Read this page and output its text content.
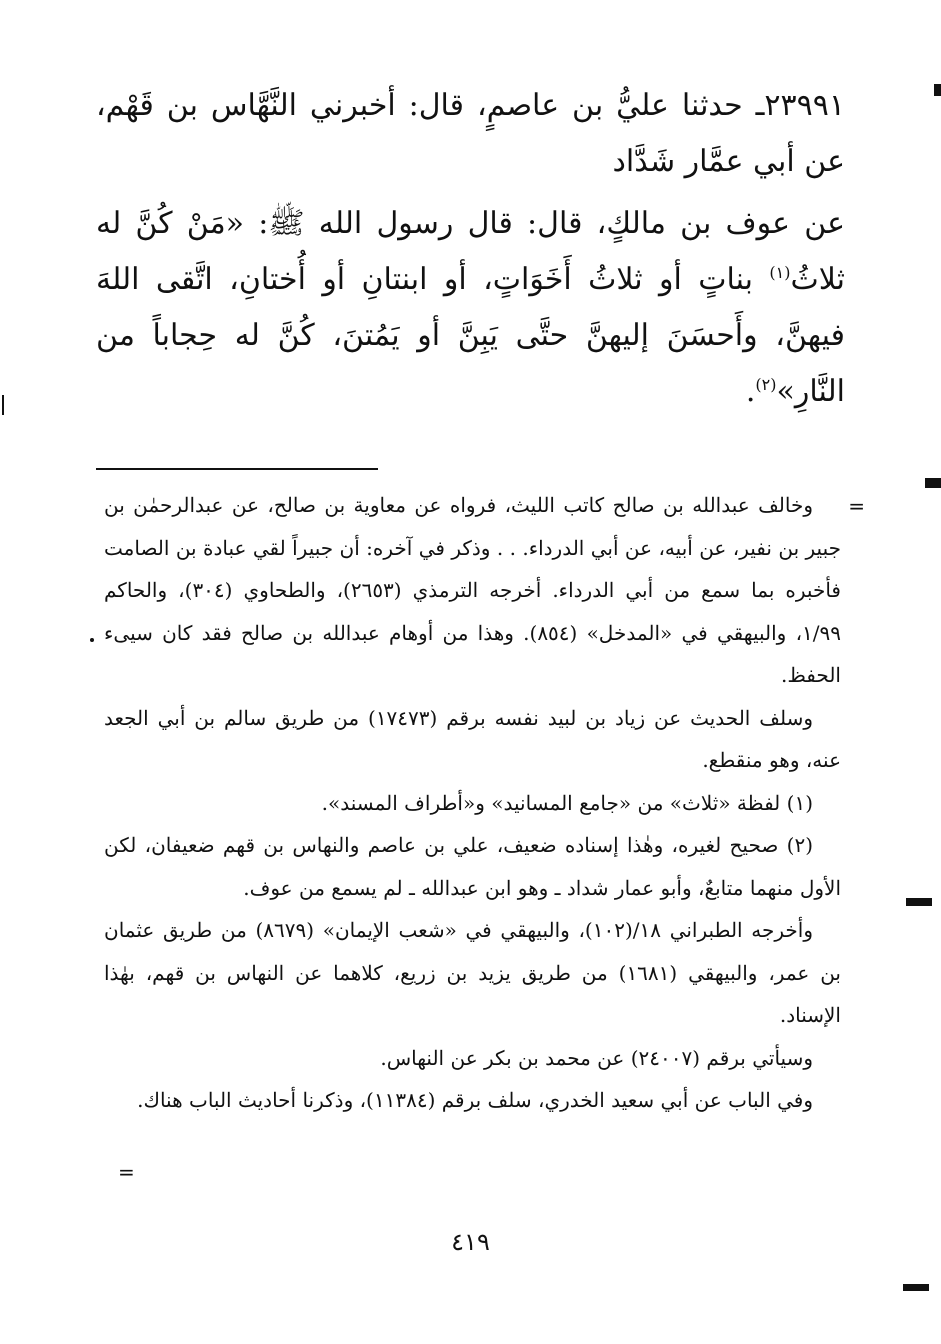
٢٣٩٩١ـ حدثنا عليُّ بن عاصمٍ، قال: أخبرني النَّهَّاس بن قَهْم، عن أبي عمَّار شَدَّاد

عن عوف بن مالكٍ، قال: قال رسول الله ﷺ: «مَنْ كُنَّ له ثلاثُ$^{(١)}$ بناتٍ أو ثلاثُ أَخَوَاتٍ، أو ابنتانِ أو أُختانِ، اتَّقى اللهَ فيهنَّ، وأَحسَنَ إليهنَّ حتَّى يَبِنَّ أو يَمُتنَ، كُنَّ له حِجاباً من النَّارِ»$^{(٢)}$.

=

وخالف عبدالله بن صالح كاتب الليث، فرواه عن معاوية بن صالح، عن عبدالرحمٰن بن جبير بن نفير، عن أبيه، عن أبي الدرداء. . . وذكر في آخره: أن جبيراً لقي عبادة بن الصامت فأخبره بما سمع من أبي الدرداء. أخرجه الترمذي (٢٦٥٣)، والطحاوي (٣٠٤)، والحاكم ١/٩٩، والبيهقي في «المدخل» (٨٥٤). وهذا من أوهام عبدالله بن صالح فقد كان سيىء الحفظ.

وسلف الحديث عن زياد بن لبيد نفسه برقم (١٧٤٧٣) من طريق سالم بن أبي الجعد عنه، وهو منقطع.

(١) لفظة «ثلاث» من «جامع المسانيد» و«أطراف المسند».

(٢) صحيح لغيره، وهٰذا إسناده ضعيف، علي بن عاصم والنهاس بن قهم ضعيفان، لكن الأول منهما متابعٌ، وأبو عمار شداد ـ وهو ابن عبدالله ـ لم يسمع من عوف.

وأخرجه الطبراني ١٨/(١٠٢)، والبيهقي في «شعب الإيمان» (٨٦٧٩) من طريق عثمان بن عمر، والبيهقي (١٦٨١) من طريق يزيد بن زريع، كلاهما عن النهاس بن قهم، بهٰذا الإسناد.

وسيأتي برقم (٢٤٠٠٧) عن محمد بن بكر عن النهاس.

وفي الباب عن أبي سعيد الخدري، سلف برقم (١١٣٨٤)، وذكرنا أحاديث الباب هناك.

=
٤١٩
